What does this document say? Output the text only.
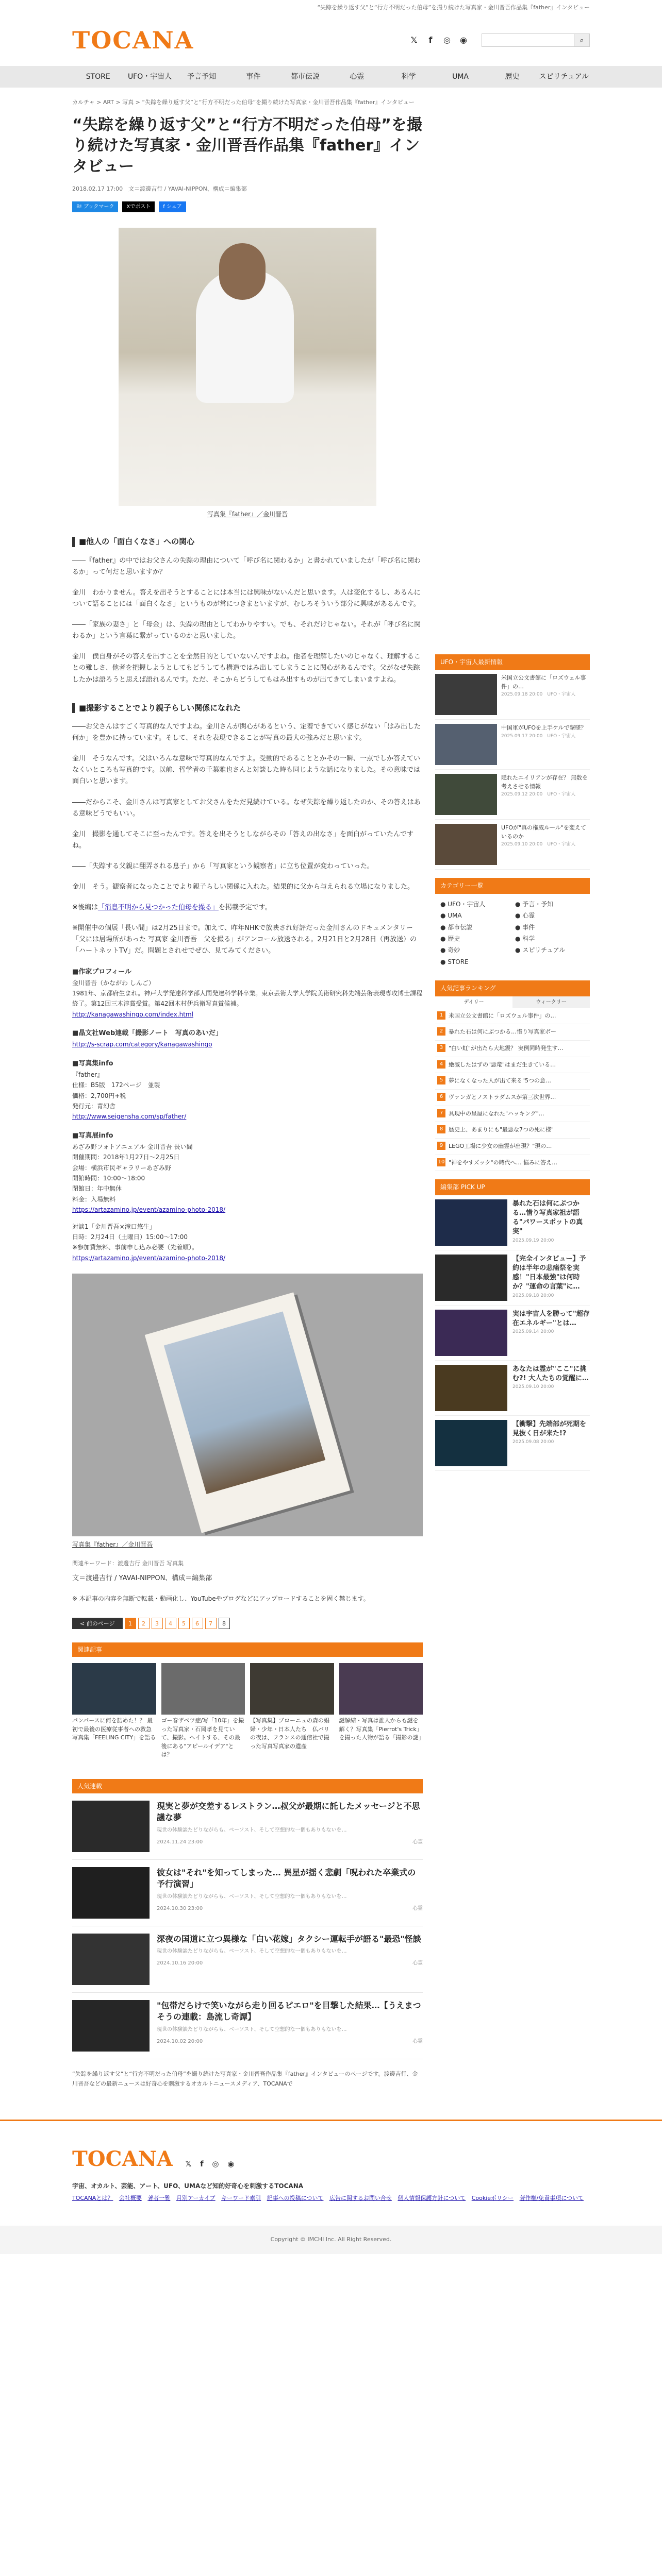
“失踪を繰り返す父”と“行方不明だった伯母”を撮り続けた写真家・金川晋吾作品集『father』インタビュー
TOCANA	𝕏	f	◎ ◉	⌕
STORE	UFO・宇宙人	予言予知	事件	都市伝説	心霊	科学	UMA	歴史	スピリチュアル
カルチャ > ART > 写真 > “失踪を繰り返す父”と“行方不明だった伯母”を撮り続けた写真家・金川晋吾作品集『father』インタビュー
“失踪を繰り返す父”と“行方不明だった伯母”を撮り続けた写真家・金川晋吾作品集『father』インタビュー
2018.02.17 17:00　文＝渡邊吉行 / YAVAI-NIPPON、構成＝編集部
B! ブックマーク	Xでポスト	f シェア
写真集『father』／金川晋吾
■他人の「面白くなさ」への関心

――『father』の中ではお父さんの失踪の理由について「呼び名に関わるか」と書かれていましたが「呼び名に関わるか」って何だと思いますか？

金川　わかりません。答えを出そうとすることには本当には興味がないんだと思います。人は変化するし、あるんについて語ることには「面白くなさ」というものが常につきまといますが、むしろそういう部分に興味があるんです。

――「家族の妻さ」と「母金」は、失踪の理由としてわかりやすい。でも、それだけじゃない。それが「呼び名に関わるか」という言葉に繋がっているのかと思いました。

金川　僕自身がその答えを出すことを全然目的としていないんですよね。他者を理解したいのじゃなく、理解することの難しさ、他者を把握しようとしてもどうしても構造ではみ出してしまうことに関心があるんです。父がなぜ失踪したかは語ろうと思えば語れるんです。ただ、そこからどうしてもはみ出すものが出てきてしまいますよね。

■撮影することでより親子らしい関係になれた

――お父さんはすごく写真的な人ですよね。金川さんが関心があるという、定着できていく感じがない「はみ出した何か」を豊かに持っています。そして、それを表現できることが写真の最大の強みだと思います。

金川　そうなんです。父はいろんな意味で写真的なんですよ。受動的であることとかその一瞬、一点でしか答えていなくいところも写真的です。以前、哲学者の千葉雅也さんと対談した時も同じような話になりました。その意味では面白いと思います。

――だからこそ、金川さんは写真家としてお父さんをただ見続けている。なぜ失踪を繰り返したのか、その答えはある意味どうでもいい。

金川　撮影を通してそこに至ったんです。答えを出そうとしながらその「答えの出なさ」を面白がっていたんですね。

――「失踪する父親に翻弄される息子」から「写真家という観察者」に立ち位置が変わっていった。

金川　そう。観察者になったことでより親子らしい関係に入れた。結果的に父から与えられる立場になりました。

※後編は「消息不明から見つかった伯母を撮る」を掲載予定です。

※開催中の個展「長い間」は2月25日まで。加えて、昨年NHKで放映され好評だった金川さんのドキュメンタリー「父には居場所があった 写真家 金川晋吾　父を撮る」がアンコール放送される。2月21日と2月28日（再放送）の「ハートネットTV」だ。問題とされせでぜひ、見てみてください。

■作家プロフィール
金川晋吾（かながわ しんご）
1981年、京都府生まれ。神戸大学発達科学部人間発達科学科卒業。東京芸術大学大学院美術研究科先端芸術表現専攻博士課程終了。第12回三木淳賞受賞。第42回木村伊兵衛写真賞候補。
http://kanagawashingo.com/index.html
■晶文社Web連載「撮影ノート　写真のあいだ」
http://s-scrap.com/category/kanagawashingo
■写真集info
『father』
仕様：B5版　172ページ　並製
価格：2,700円+税
発行元：青幻舎
http://www.seigensha.com/sp/father/
■写真展info
あざみ野フォトアニュアル 金川晋吾 長い間
開催期間：2018年1月27日〜2月25日
会場：横浜市民ギャラリーあざみ野
開館時間：10:00〜18:00
閉館日：年中無休
料金：入場無料
https://artazamino.jp/event/azamino-photo-2018/
対談1「金川晋吾×滝口悠生」
日時：2月24日（土曜日）15:00〜17:00
※参加費無料、事前申し込み必要（先着順）。
https://artazamino.jp/event/azamino-photo-2018/
写真集『father』／金川晋吾
関連キーワード：渡邊吉行 金川晋吾 写真集

文＝渡邊吉行 / YAVAI-NIPPON、構成＝編集部

※ 本記事の内容を無断で転載・動画化し、YouTubeやブログなどにアップロードすることを固く禁じます。

< 前のページ	1	2	3	4	5	6	7	8
関連記事
パンパースに何を詰めた！？ 最初で最後の医療従事者への救急写真集「FEELING CITY」を語る
ゴー春ザベツ症/写「10年」を撮った写真家・石岡孝を見ていて、撮影。ヘイトする、その最後にある"アピールイデア"とは？
【写真集】ブローニュの森の娼婦・少年・日本人たち　仏バリの夜は、フランスの通信社で撮った写真写真家の遺産
謎解結・写真は誰人からも謎を解く？写真集「Pierrot's Trick」を撮った人物が語る「撮影の謎」
人気連載
現実と夢が交差するレストラン…叔父が最期に託したメッセージと不思議な夢
現世の体験談たどりながらも、ベーソスト、そして空想的な一個もありもないを…
2024.11.24 23:00	心霊
彼女は"それ"を知ってしまった… 異星が揺く悲劇「呪われた卒業式の予行演習」
現世の体験談たどりながらも、ベーソスト、そして空想的な一個もありもないを…
2024.10.30 23:00	心霊
深夜の国道に立つ異様な「白い花嫁」タクシー運転手が語る"最恐"怪談
現世の体験談たどりながらも、ベーソスト、そして空想的な一個もありもないを…
2024.10.16 20:00	心霊
"包帯だらけで笑いながら走り回るピエロ"を目撃した結果…【うえまつそうの連載：島流し奇譚】
現世の体験談たどりながらも、ベーソスト、そして空想的な一個もありもないを…
2024.10.02 20:00	心霊
“失踪を繰り返す父”と“行方不明だった伯母”を撮り続けた写真家・金川晋吾作品集『father』インタビューのページです。渡邊吉行、金川晋吾などの最新ニュースは好奇心を刺激するオカルトニュースメディア、TOCANAで
UFO・宇宙人最新情報
米国立公文書館に「ロズウェル事件」の…
2025.09.18 20:00　UFO・宇宙人
中国軍がUFOを上手ケルで撃墜？
2025.09.17 20:00　UFO・宇宙人
隠れたエイリアンが存在？ 無数を考えさせる情報
2025.09.12 20:00　UFO・宇宙人
UFOが"真の権威ルール"を変えているのか
2025.09.10 20:00　UFO・宇宙人
カテゴリー一覧
● UFO・宇宙人	● 予言・予知
● UMA	● 心霊
● 都市伝説	● 事件
● 歴史	● 科学
● 奇妙	● スピリチュアル
● STORE
人気記事ランキング
デイリー	ウィークリー
1 米国立公文書館に「ロズウェル事件」の…
2 暴れた石は何にぶつかる…惜り写真家ボー
3 "白い虹"が出たら大地震？ 実例同時発生す…
4 絶滅したはずの"悪竜"はまだ生きている…
5 夢になくなった人が出て来る"5つの意…
6 ヴァンガとノストラダムスが第三次世界…
7 具現中の星屋になれた"ハッキング"…
8 歴史上、あまりにも"最悪な7つの死に様"
9 LEGO工場に少女の幽霊が出現？"現の…
10 "神をやすズック"の時代へ… 悩みに答え…
編集部 PICK UP
暴れた石は何にぶつかる…惜り写真家祖が語る"パワースポットの真実"
2025.09.19 20:00
【完全インタビュー】予約は半年の悲痛祭を実感！"日本最強"は何時か？"運命の言葉"に…
2025.09.18 20:00
実は宇宙人を勝って"超存在エネルギー"とは…
2025.09.14 20:00
あなたは霊が"ここ"に挑む?! 大人たちの覚醒に…
2025.09.10 20:00
【衝撃】先端部が死期を見抜く日が来た!?
2025.09.08 20:00
TOCANA 𝕏 f ◎ ◉
宇宙、オカルト、芸能、アート、UFO、UMAなど知的好奇心を刺激するTOCANA
TOCANAとは？ 会社概要 著者一覧 月別アーカイブ キーワード索引 記事への投稿について 広告に関するお問い合せ 個人情報保護方針について Cookieポリシー 著作権/免責事項について
Copyright © IMCHI Inc. All Right Reserved.
